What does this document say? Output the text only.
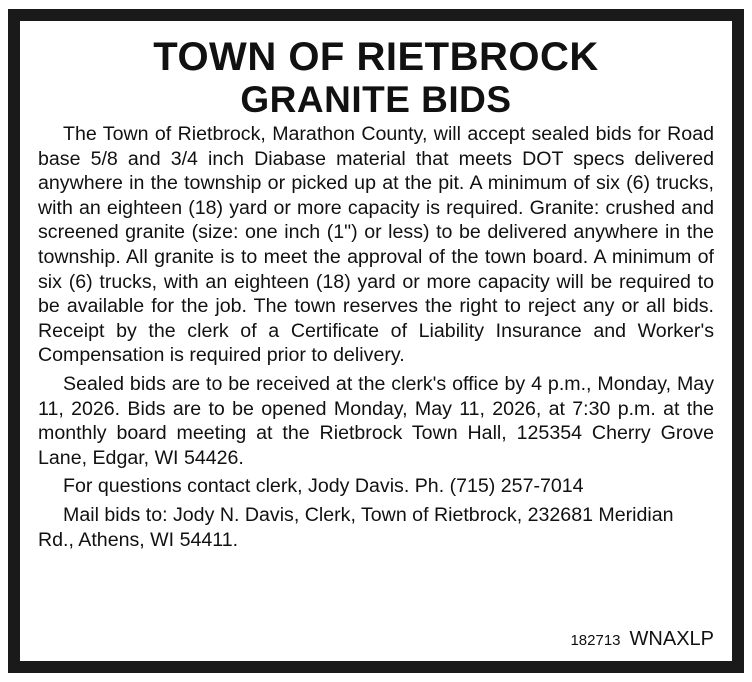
TOWN OF RIETBROCK
GRANITE BIDS

The Town of Rietbrock, Marathon County, will accept sealed bids for Road base 5/8 and 3/4 inch Diabase material that meets DOT specs delivered anywhere in the township or picked up at the pit. A minimum of six (6) trucks, with an eighteen (18) yard or more capacity is required. Granite: crushed and screened granite (size: one inch (1") or less) to be delivered anywhere in the township. All granite is to meet the approval of the town board. A minimum of six (6) trucks, with an eighteen (18) yard or more capacity will be required to be available for the job. The town reserves the right to reject any or all bids. Receipt by the clerk of a Certificate of Liability Insurance and Worker's Compensation is required prior to delivery.

Sealed bids are to be received at the clerk's office by 4 p.m., Monday, May 11, 2026. Bids are to be opened Monday, May 11, 2026, at 7:30 p.m. at the monthly board meeting at the Rietbrock Town Hall, 125354 Cherry Grove Lane, Edgar, WI 54426.

For questions contact clerk, Jody Davis. Ph. (715) 257-7014

Mail bids to: Jody N. Davis, Clerk, Town of Rietbrock, 232681 Meridian Rd., Athens, WI 54411.

182713 WNAXLP
